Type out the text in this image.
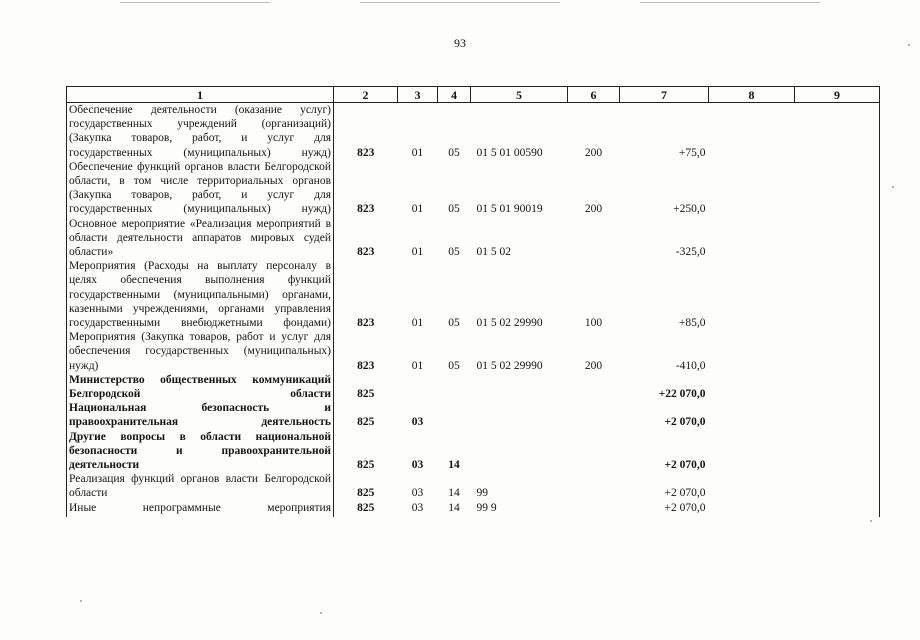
93
1	2	3	4	5	6	7	8	9
Обеспечение деятельности (оказание услуг) государственных учреждений (организаций) (Закупка товаров, работ, и услуг для государственных (муниципальных) нужд)	823	01	05	01 5 01 00590	200	+75,0		
Обеспечение функций органов власти Белгородской области, в том числе территориальных органов (Закупка товаров, работ, и услуг для государственных (муниципальных) нужд)	823	01	05	01 5 01 90019	200	+250,0		
Основное мероприятие «Реализация мероприятий в области деятельности аппаратов мировых судей области»	823	01	05	01 5 02		-325,0		
Мероприятия (Расходы на выплату персоналу в целях обеспечения выполнения функций государственными (муниципальными) органами, казенными учреждениями, органами управления государственными внебюджетными фондами)	823	01	05	01 5 02 29990	100	+85,0		
Мероприятия (Закупка товаров, работ и услуг для обеспечения государственных (муниципальных) нужд)	823	01	05	01 5 02 29990	200	-410,0		
Министерство общественных коммуникаций Белгородской области	825					+22 070,0		
Национальная безопасность и правоохранительная деятельность	825	03				+2 070,0		
Другие вопросы в области национальной безопасности и правоохранительной деятельности	825	03	14			+2 070,0		
Реализация функций органов власти Белгородской области	825	03	14	99		+2 070,0		
Иные непрограммные мероприятия	825	03	14	99 9		+2 070,0		
